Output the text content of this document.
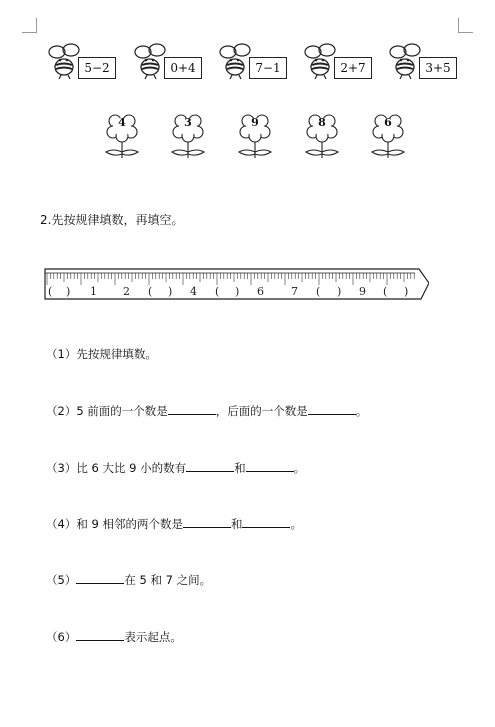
5−2	0+4	7−1	2+7	3+5
4	3	9	8	6
2.先按规律填数，再填空。
( ) 1 2 ( ) 4 ( ) 6 7 ( ) 9 ( )
（1）先按规律填数。
（2）5 前面的一个数是	，后面的一个数是	。
（3）比 6 大比 9 小的数有	和	。
（4）和 9 相邻的两个数是	和	。
（5）	在 5 和 7 之间。
（6）	表示起点。
